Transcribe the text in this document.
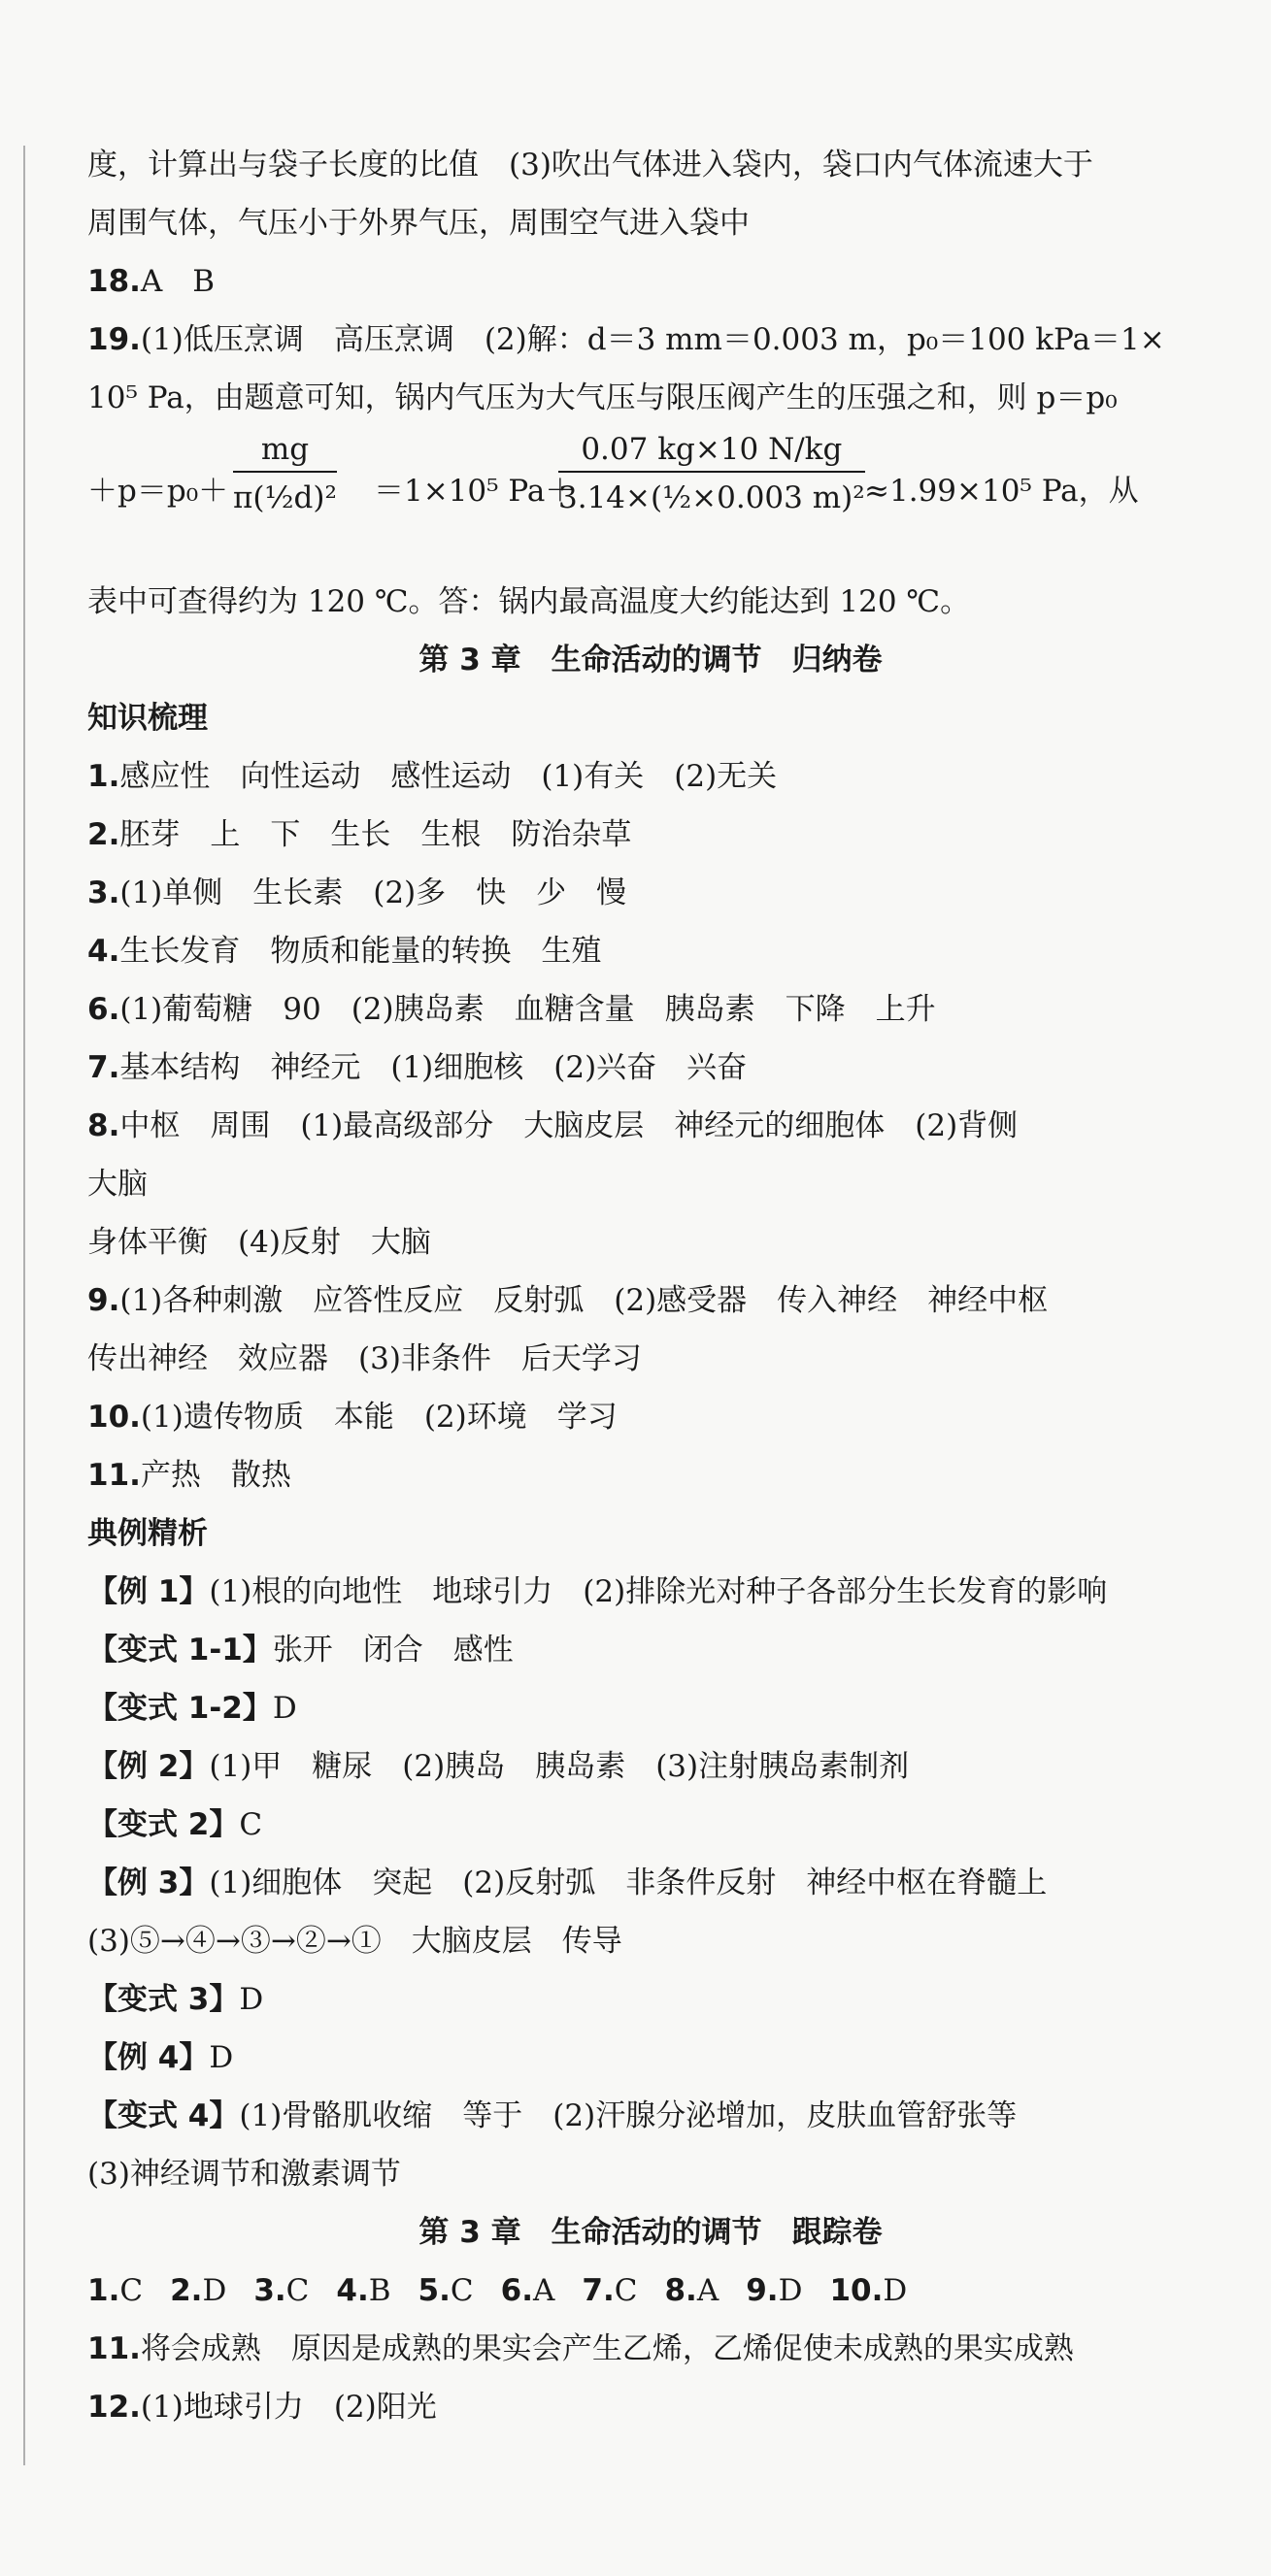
度，计算出与袋子长度的比值　(3)吹出气体进入袋内，袋口内气体流速大于
周围气体，气压小于外界气压，周围空气进入袋中
18.A　B
19.(1)低压烹调　高压烹调　(2)解：d＝3 mm＝0.003 m，p₀＝100 kPa＝1×
10⁵ Pa，由题意可知，锅内气压为大气压与限压阀产生的压强之和，则 p＝p₀
$+p=p_0+ \frac{mg}{\text{π(½d)²}} =1\times 10^5$ Pa＋
$\frac{0.07 kg\times 10 N/kg}{\text{3.14×(½×0.003 m)²}} \approx 1.99\times 10^5$ Pa，从
表中可查得约为 120 ℃。答：锅内最高温度大约能达到 120 ℃。
第 3 章　生命活动的调节　归纳卷
知识梳理
1.感应性　向性运动　感性运动　(1)有关　(2)无关
2.胚芽　上　下　生长　生根　防治杂草
3.(1)单侧　生长素　(2)多　快　少　慢
4.生长发育　物质和能量的转换　生殖
6.(1)葡萄糖　90　(2)胰岛素　血糖含量　胰岛素　下降　上升
7.基本结构　神经元　(1)细胞核　(2)兴奋　兴奋
8.中枢　周围　(1)最高级部分　大脑皮层　神经元的细胞体　(2)背侧
大脑
身体平衡　(4)反射　大脑
9.(1)各种刺激　应答性反应　反射弧　(2)感受器　传入神经　神经中枢
传出神经　效应器　(3)非条件　后天学习
10.(1)遗传物质　本能　(2)环境　学习
11.产热　散热
典例精析
【例 1】(1)根的向地性　地球引力　(2)排除光对种子各部分生长发育的影响
【变式 1-1】张开　闭合　感性
【变式 1-2】D
【例 2】(1)甲　糖尿　(2)胰岛　胰岛素　(3)注射胰岛素制剂
【变式 2】C
【例 3】(1)细胞体　突起　(2)反射弧　非条件反射　神经中枢在脊髓上
(3)⑤→④→③→②→①　大脑皮层　传导
【变式 3】D
【例 4】D
【变式 4】(1)骨骼肌收缩　等于　(2)汗腺分泌增加，皮肤血管舒张等
(3)神经调节和激素调节
第 3 章　生命活动的调节　跟踪卷
1.C 2.D 3.C 4.B 5.C 6.A 7.C 8.A 9.D 10.D
11.将会成熟　原因是成熟的果实会产生乙烯，乙烯促使未成熟的果实成熟
12.(1)地球引力　(2)阳光
